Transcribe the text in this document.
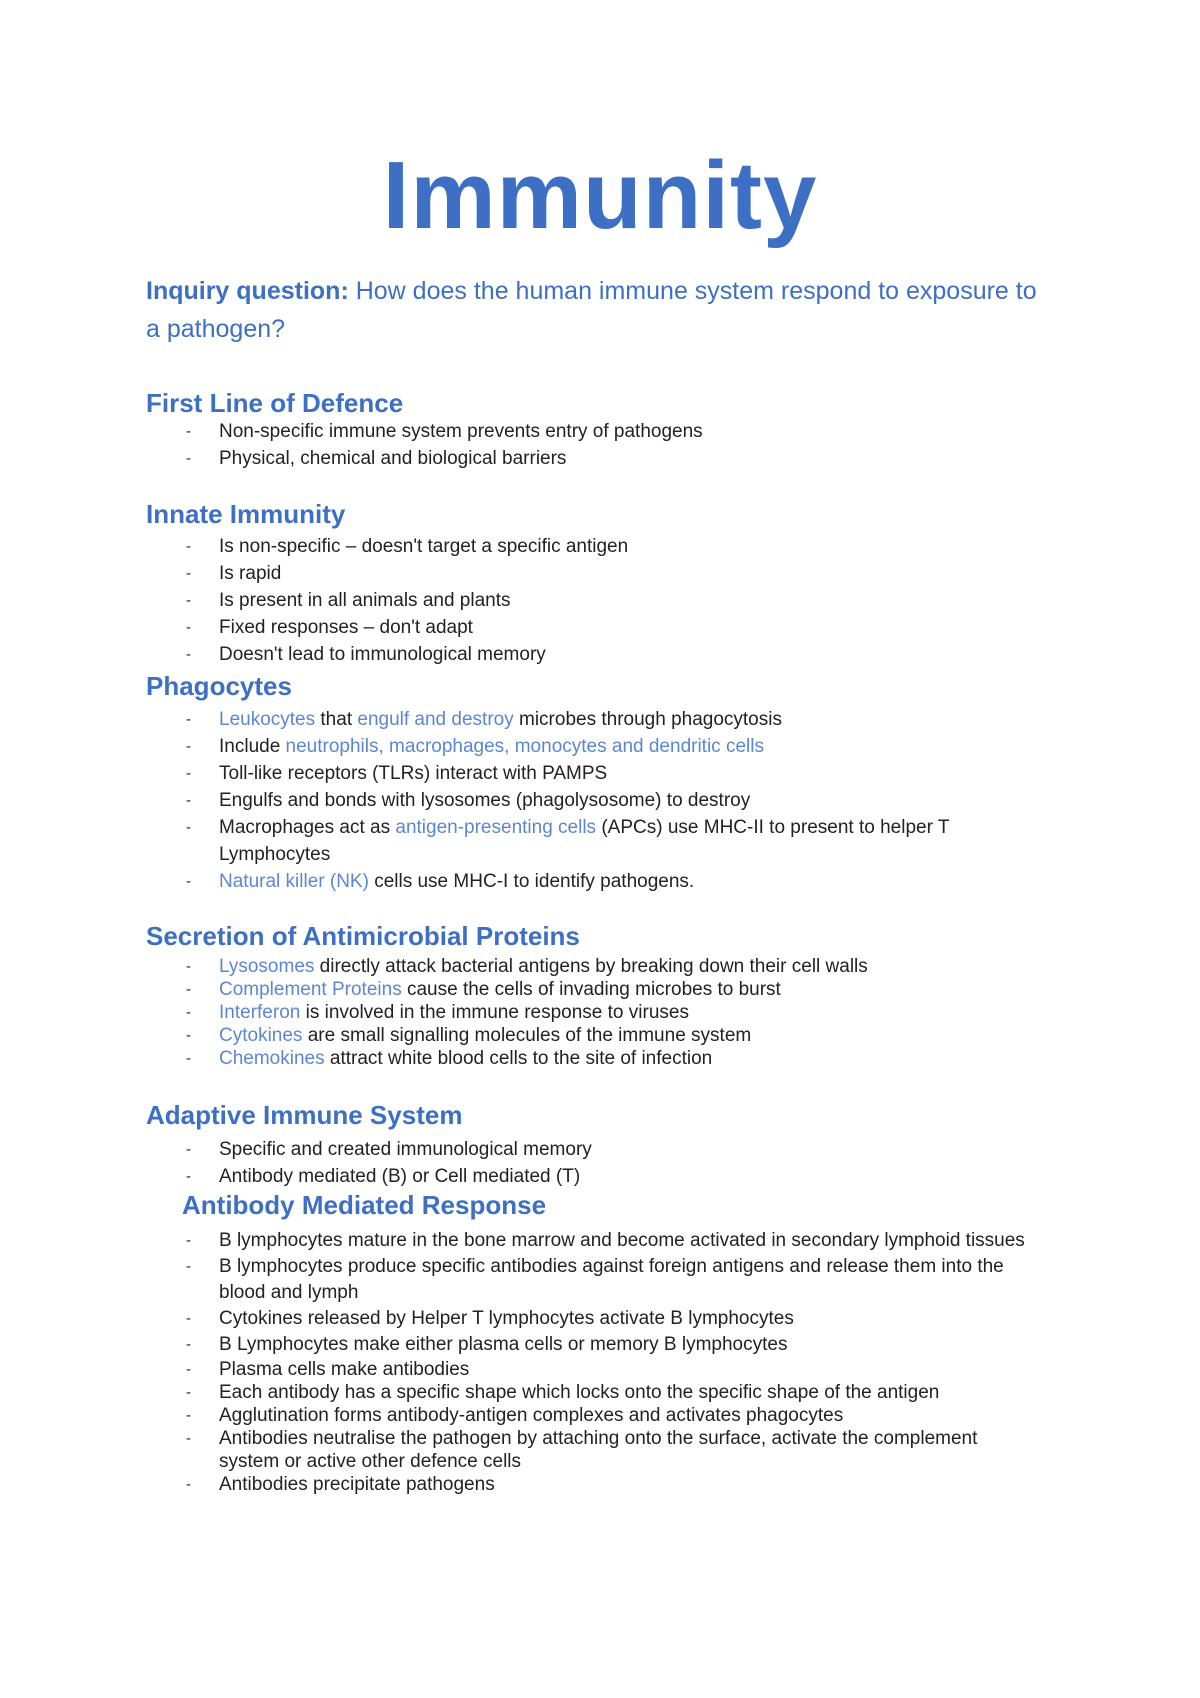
Immunity

Inquiry question: How does the human immune system respond to exposure to a pathogen?

First Line of Defence
- Non-specific immune system prevents entry of pathogens
- Physical, chemical and biological barriers
Innate Immunity
- Is non-specific – doesn't target a specific antigen
- Is rapid
- Is present in all animals and plants
- Fixed responses – don't adapt
- Doesn't lead to immunological memory
Phagocytes
- Leukocytes that engulf and destroy microbes through phagocytosis
- Include neutrophils, macrophages, monocytes and dendritic cells
- Toll-like receptors (TLRs) interact with PAMPS
- Engulfs and bonds with lysosomes (phagolysosome) to destroy
- Macrophages act as antigen-presenting cells (APCs) use MHC-II to present to helper T Lymphocytes
- Natural killer (NK) cells use MHC-I to identify pathogens.
Secretion of Antimicrobial Proteins
- Lysosomes directly attack bacterial antigens by breaking down their cell walls
- Complement Proteins cause the cells of invading microbes to burst
- Interferon is involved in the immune response to viruses
- Cytokines are small signalling molecules of the immune system
- Chemokines attract white blood cells to the site of infection
Adaptive Immune System
- Specific and created immunological memory
- Antibody mediated (B) or Cell mediated (T)
Antibody Mediated Response
- B lymphocytes mature in the bone marrow and become activated in secondary lymphoid tissues
- B lymphocytes produce specific antibodies against foreign antigens and release them into the blood and lymph
- Cytokines released by Helper T lymphocytes activate B lymphocytes
- B Lymphocytes make either plasma cells or memory B lymphocytes
- Plasma cells make antibodies
- Each antibody has a specific shape which locks onto the specific shape of the antigen
- Agglutination forms antibody-antigen complexes and activates phagocytes
- Antibodies neutralise the pathogen by attaching onto the surface, activate the complement system or active other defence cells
- Antibodies precipitate pathogens
